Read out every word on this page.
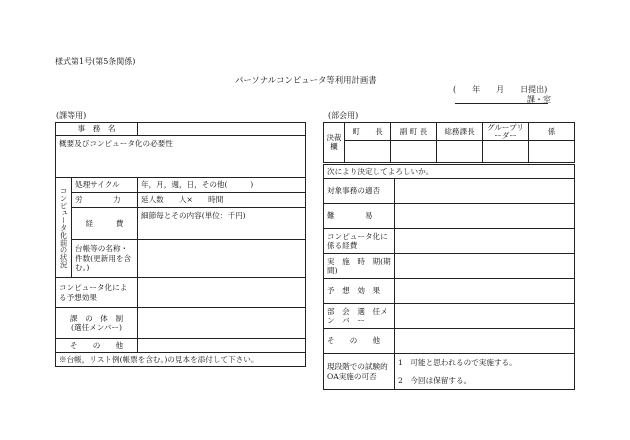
様式第1号(第5条関係)
パーソナルコンピュータ等利用計画書
(　　年　　月　　日提出)
課・室
(課等用)
事　務　名		
概要及びコンピュータ化の必要性		
コンピュータ化前の状況	処理サイクル	年，月，週，日，その他(　　　)
	労　　　　力	延人数　　人×　　時間
	経　　　費	細節毎とその内容(単位：千円)
	台帳等の名称・件数(更新用を含む。)	
コンピュータ化による予想効果		

課　の　体　制
(選任メンバー)		

そ　　の　　他		
※台帳，リスト例(帳票を含む。)の見本を添付して下さい。		
(部会用)
決裁欄	町　　長	副 町 長	総務課長	グループリーダー	係

次により決定してよろしいか。	
対象事務の適否	
難　　　　易	
コンピュータ化に係る経費	
実　施　時　期(期　間)	
予　想　効　果	
部　会　選　任メ　ン　バ　ー	
そ　　の　　他	
現段階での試験的OA実施の可否	1　可能と思われるので実施する。
2　今回は保留する。
